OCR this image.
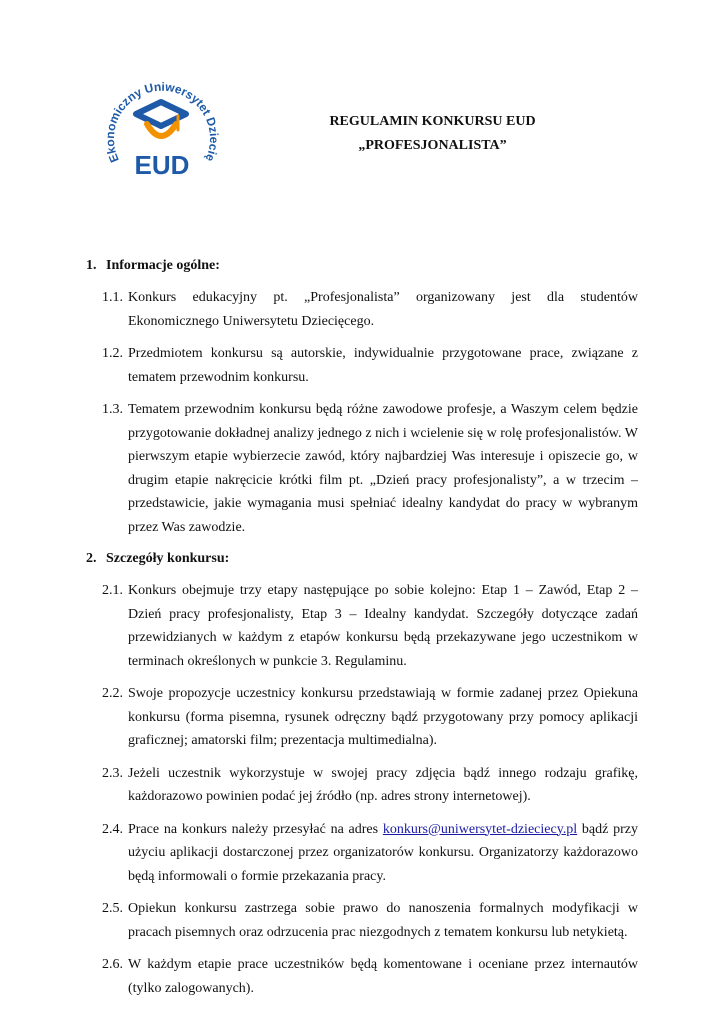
Ekonomiczny Uniwersytet Dziecię
EUD
REGULAMIN KONKURSU EUD
„PROFESJONALISTA”
1. Informacje ogólne:
1.1. Konkurs edukacyjny pt. „Profesjonalista” organizowany jest dla studentów Ekonomicznego Uniwersytetu Dziecięcego.
1.2. Przedmiotem konkursu są autorskie, indywidualnie przygotowane prace, związane z tematem przewodnim konkursu.
1.3. Tematem przewodnim konkursu będą różne zawodowe profesje, a Waszym celem będzie przygotowanie dokładnej analizy jednego z nich i wcielenie się w rolę profesjonalistów. W pierwszym etapie wybierzecie zawód, który najbardziej Was interesuje i opiszecie go, w drugim etapie nakręcicie krótki film pt. „Dzień pracy profesjonalisty”, a w trzecim – przedstawicie, jakie wymagania musi spełniać idealny kandydat do pracy w wybranym przez Was zawodzie.
2. Szczegóły konkursu:
2.1. Konkurs obejmuje trzy etapy następujące po sobie kolejno: Etap 1 – Zawód, Etap 2 – Dzień pracy profesjonalisty, Etap 3 – Idealny kandydat. Szczegóły dotyczące zadań przewidzianych w każdym z etapów konkursu będą przekazywane jego uczestnikom w terminach określonych w punkcie 3. Regulaminu.
2.2. Swoje propozycje uczestnicy konkursu przedstawiają w formie zadanej przez Opiekuna konkursu (forma pisemna, rysunek odręczny bądź przygotowany przy pomocy aplikacji graficznej; amatorski film; prezentacja multimedialna).
2.3. Jeżeli uczestnik wykorzystuje w swojej pracy zdjęcia bądź innego rodzaju grafikę, każdorazowo powinien podać jej źródło (np. adres strony internetowej).
2.4. Prace na konkurs należy przesyłać na adres konkurs@uniwersytet-dzieciecy.pl bądź przy użyciu aplikacji dostarczonej przez organizatorów konkursu. Organizatorzy każdorazowo będą informowali o formie przekazania pracy.
2.5. Opiekun konkursu zastrzega sobie prawo do nanoszenia formalnych modyfikacji w pracach pisemnych oraz odrzucenia prac niezgodnych z tematem konkursu lub netykietą.
2.6. W każdym etapie prace uczestników będą komentowane i oceniane przez internautów (tylko zalogowanych).
